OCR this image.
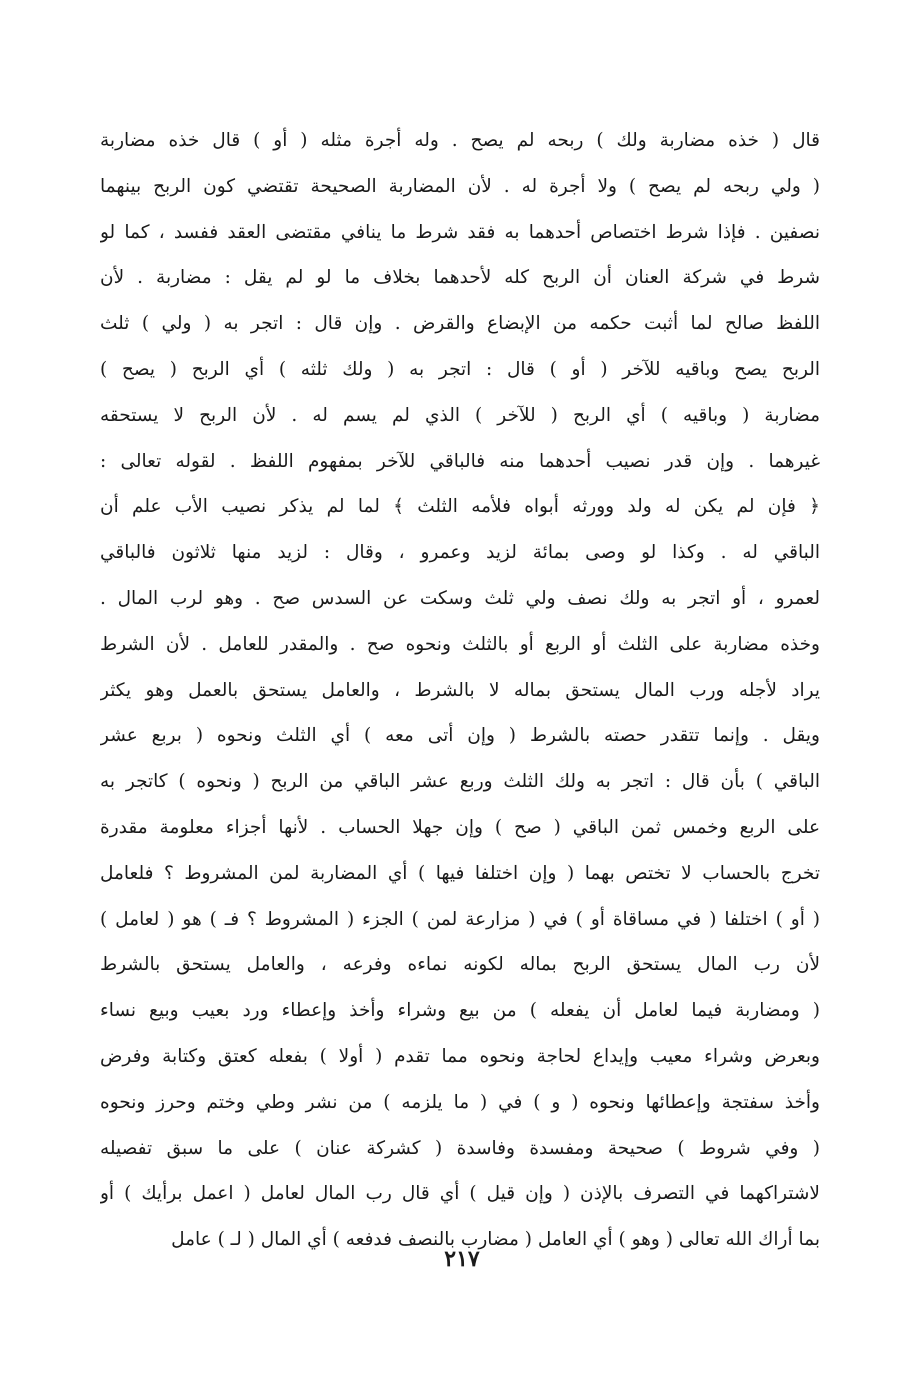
قال ( خذه مضاربة ولك ) ربحه لم يصح . وله أجرة مثله ( أو ) قال خذه مضاربة
( ولي ربحه لم يصح ) ولا أجرة له . لأن المضاربة الصحيحة تقتضي كون الربح بينهما
نصفين . فإذا شرط اختصاص أحدهما به فقد شرط ما ينافي مقتضى العقد ففسد ، كما لو
شرط في شركة العنان أن الربح كله لأحدهما بخلاف ما لو لم يقل : مضاربة . لأن
اللفظ صالح لما أثبت حكمه من الإبضاع والقرض . وإن قال : اتجر به ( ولي ) ثلث
الربح يصح وباقيه للآخر ( أو ) قال : اتجر به ( ولك ثلثه ) أي الربح ( يصح )
مضاربة ( وباقيه ) أي الربح ( للآخر ) الذي لم يسم له . لأن الربح لا يستحقه
غيرهما . وإن قدر نصيب أحدهما منه فالباقي للآخر بمفهوم اللفظ . لقوله تعالى :
﴿ فإن لم يكن له ولد وورثه أبواه فلأمه الثلث ﴾ لما لم يذكر نصيب الأب علم أن
الباقي له . وكذا لو وصى بمائة لزيد وعمرو ، وقال : لزيد منها ثلاثون فالباقي
لعمرو ، أو اتجر به ولك نصف ولي ثلث وسكت عن السدس صح . وهو لرب المال .
وخذه مضاربة على الثلث أو الربع أو بالثلث ونحوه صح . والمقدر للعامل . لأن الشرط
يراد لأجله ورب المال يستحق بماله لا بالشرط ، والعامل يستحق بالعمل وهو يكثر
ويقل . وإنما تتقدر حصته بالشرط ( وإن أتى معه ) أي الثلث ونحوه ( بربع عشر
الباقي ) بأن قال : اتجر به ولك الثلث وربع عشر الباقي من الربح ( ونحوه ) كاتجر به
على الربع وخمس ثمن الباقي ( صح ) وإن جهلا الحساب . لأنها أجزاء معلومة مقدرة
تخرج بالحساب لا تختص بهما ( وإن اختلفا فيها ) أي المضاربة لمن المشروط ؟ فلعامل
( أو ) اختلفا ( في مساقاة أو ) في ( مزارعة لمن ) الجزء ( المشروط ؟ فـ ) هو ( لعامل )
لأن رب المال يستحق الربح بماله لكونه نماءه وفرعه ، والعامل يستحق بالشرط
( ومضاربة فيما لعامل أن يفعله ) من بيع وشراء وأخذ وإعطاء ورد بعيب وبيع نساء
وبعرض وشراء معيب وإيداع لحاجة ونحوه مما تقدم ( أولا ) بفعله كعتق وكتابة وفرض
وأخذ سفتجة وإعطائها ونحوه ( و ) في ( ما يلزمه ) من نشر وطي وختم وحرز ونحوه
( وفي شروط ) صحيحة ومفسدة وفاسدة ( كشركة عنان ) على ما سبق تفصيله
لاشتراكهما في التصرف بالإذن ( وإن قيل ) أي قال رب المال لعامل ( اعمل برأيك ) أو
بما أراك الله تعالى ( وهو ) أي العامل ( مضارب بالنصف فدفعه ) أي المال ( لـ ) عامل
٢١٧
